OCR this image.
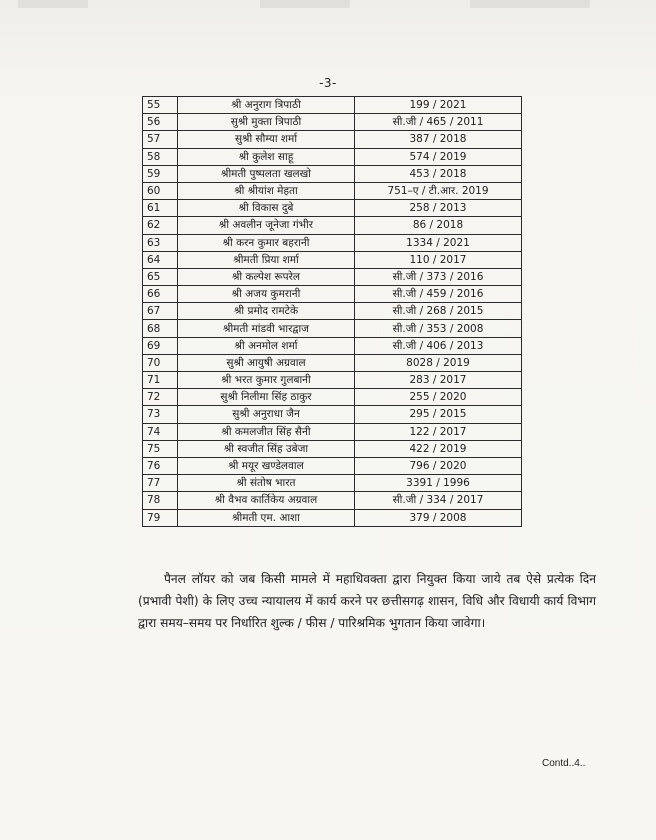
-3-
55	श्री अनुराग त्रिपाठी	199 / 2021
56	सुश्री मुक्ता त्रिपाठी	सी.जी / 465 / 2011
57	सुश्री सौम्या शर्मा	387 / 2018
58	श्री कुलेश साहू	574 / 2019
59	श्रीमती पुष्पलता खलखो	453 / 2018
60	श्री श्रीयांश मेहता	751–ए / टी.आर. 2019
61	श्री विकास दुबे	258 / 2013
62	श्री अवलीन जूनेजा गंभीर	86 / 2018
63	श्री करन कुमार बहरानी	1334 / 2021
64	श्रीमती प्रिया शर्मा	110 / 2017
65	श्री कल्पेश रूपरेल	सी.जी / 373 / 2016
66	श्री अजय कुमरानी	सी.जी / 459 / 2016
67	श्री प्रमोद रामटेके	सी.जी / 268 / 2015
68	श्रीमती मांडवी भारद्वाज	सी.जी / 353 / 2008
69	श्री अनमोल शर्मा	सी.जी / 406 / 2013
70	सुश्री आयुषी अग्रवाल	8028 / 2019
71	श्री भरत कुमार गुलबानी	283 / 2017
72	सुश्री निलीमा सिंह ठाकुर	255 / 2020
73	सुश्री अनुराधा जैन	295 / 2015
74	श्री कमलजीत सिंह सैनी	122 / 2017
75	श्री स्वजीत सिंह उबेजा	422 / 2019
76	श्री मयूर खण्डेलवाल	796 / 2020
77	श्री संतोष भारत	3391 / 1996
78	श्री वैभव कार्तिकेय अग्रवाल	सी.जी / 334 / 2017
79	श्रीमती एम. आशा	379 / 2008
पैनल लॉयर को जब किसी मामले में महाधिवक्ता द्वारा नियुक्त किया जाये तब ऐसे प्रत्येक दिन (प्रभावी पेशी) के लिए उच्च न्यायालय में कार्य करने पर छत्तीसगढ़ शासन, विधि और विधायी कार्य विभाग द्वारा समय–समय पर निर्धारित शुल्क / फीस / पारिश्रमिक भुगतान किया जावेगा।
Contd..4..
